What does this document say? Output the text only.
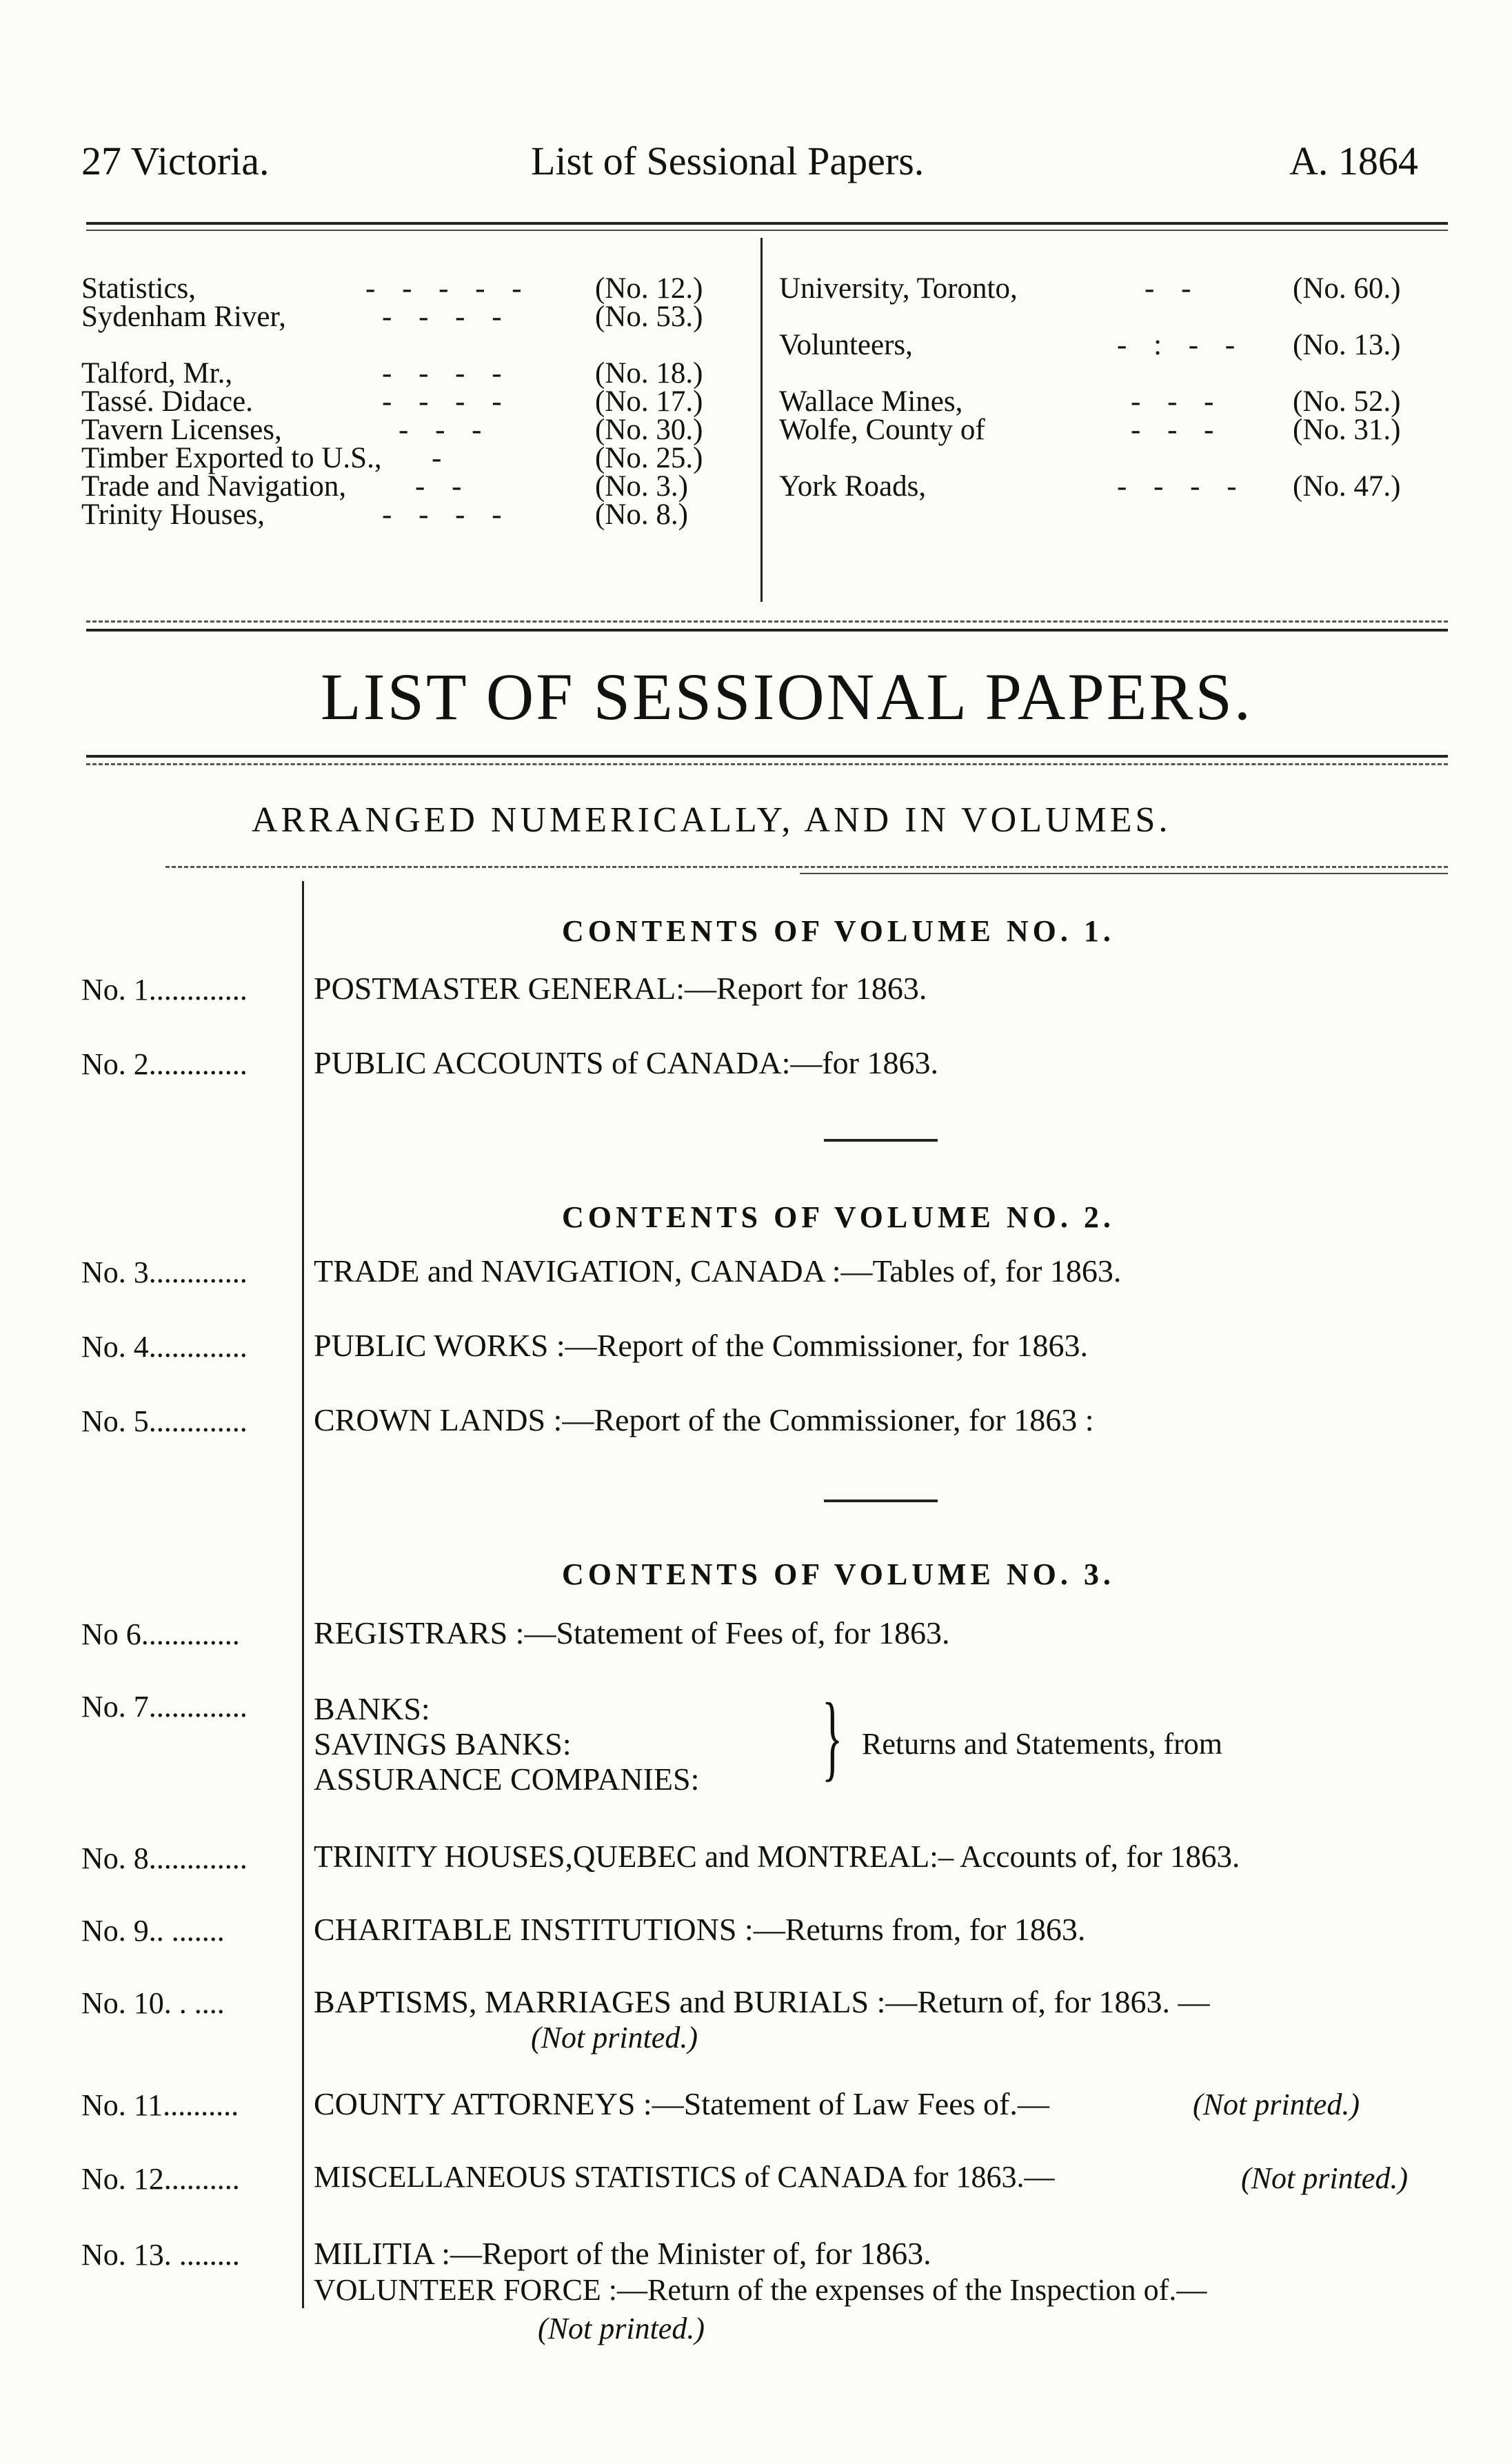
27 Victoria.	List of Sessional Papers.	A. 1864
Statistics,	- - - - - (No. 12.)
Sydenham River,	- - - -	(No. 53.)
Talford, Mr.,	- - - -	(No. 18.)
Tassé. Didace.	- - - -	(No. 17.)
Tavern Licenses,	- - -	(No. 30.)
Timber Exported to U.S., -	(No. 25.)
Trade and Navigation, - -	(No. 3.)
Trinity Houses,	- - - -	(No. 8.)
University, Toronto,	- -	(No. 60.)
Volunteers,	- : - - (No. 13.)
Wallace Mines,	- - - (No. 52.)
Wolfe, County of	- - - (No. 31.)
York Roads,	- - - - (No. 47.)
LIST OF SESSIONAL PAPERS.
ARRANGED NUMERICALLY, AND IN VOLUMES.
CONTENTS OF VOLUME NO. 1.
No. 1............. POSTMASTER GENERAL:—Report for 1863.
No. 2............. PUBLIC ACCOUNTS of CANADA:—for 1863.
CONTENTS OF VOLUME NO. 2.
No. 3............. TRADE and NAVIGATION, CANADA :—Tables of, for 1863.
No. 4............. PUBLIC WORKS :—Report of the Commissioner, for 1863.
No. 5............. CROWN LANDS :—Report of the Commissioner, for 1863 :
CONTENTS OF VOLUME NO. 3.
No 6............. REGISTRARS :—Statement of Fees of, for 1863.
No. 7............. BANKS:
SAVINGS BANKS:
ASSURANCE COMPANIES: } Returns and Statements, from
No. 8............. TRINITY HOUSES,QUEBEC and MONTREAL:– Accounts of, for 1863.
No. 9.. .......	CHARITABLE INSTITUTIONS :—Returns from, for 1863.
No. 10. . ....	BAPTISMS, MARRIAGES and BURIALS :—Return of, for 1863. —
(Not printed.)
No. 11.......... COUNTY ATTORNEYS :—Statement of Law Fees of.—	(Not printed.)
No. 12.......... MISCELLANEOUS STATISTICS of CANADA for 1863.—	(Not printed.)
No. 13. ........ MILITIA :—Report of the Minister of, for 1863.
VOLUNTEER FORCE :—Return of the expenses of the Inspection of.—
(Not printed.)
